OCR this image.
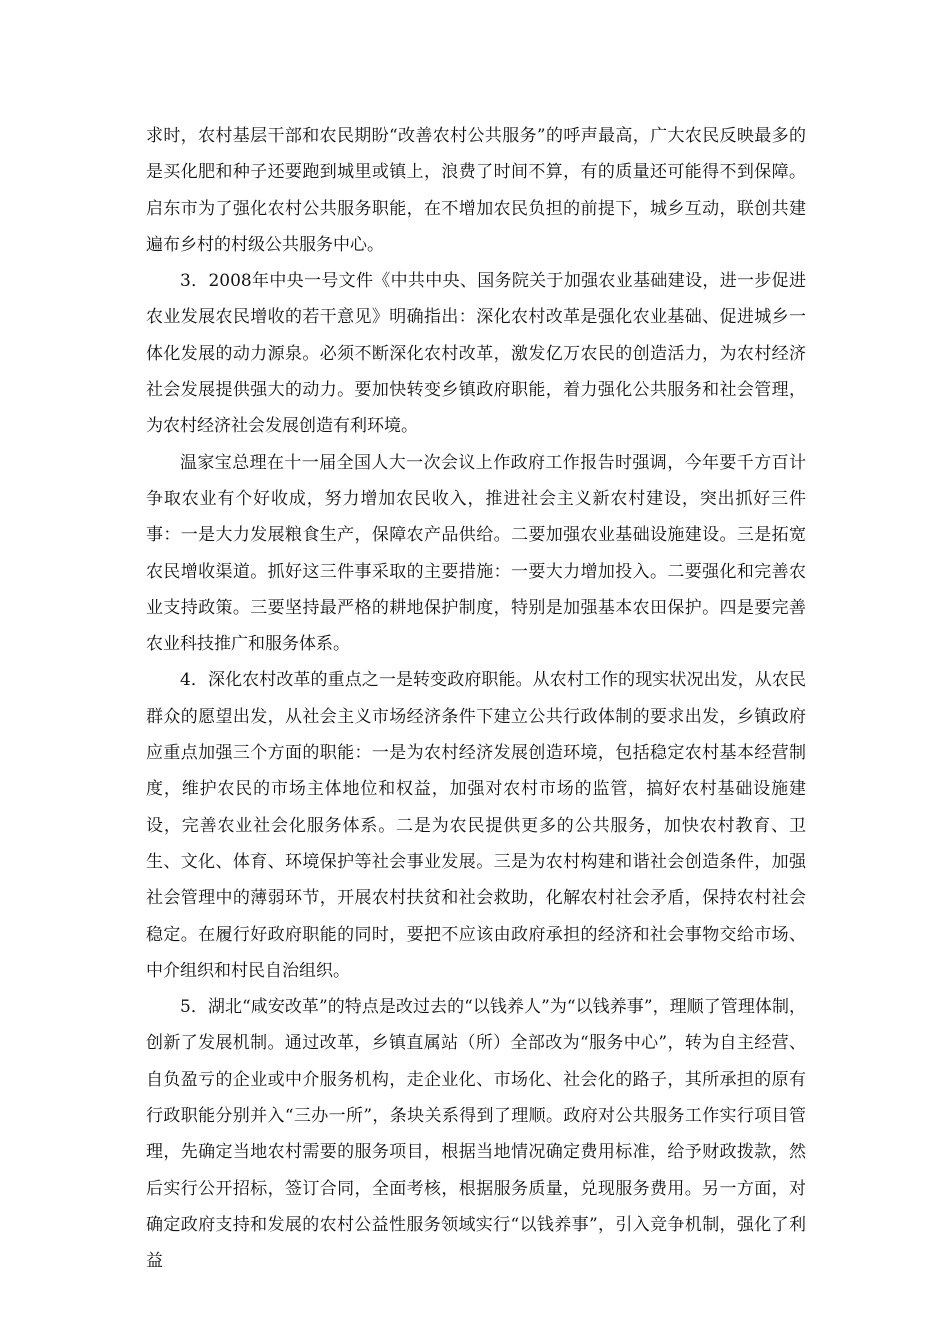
求时，农村基层干部和农民期盼“改善农村公共服务”的呼声最高，广大农民反映最多的是买化肥和种子还要跑到城里或镇上，浪费了时间不算，有的质量还可能得不到保障。启东市为了强化农村公共服务职能，在不增加农民负担的前提下，城乡互动，联创共建遍布乡村的村级公共服务中心。

3．2008年中央一号文件《中共中央、国务院关于加强农业基础建设，进一步促进农业发展农民增收的若干意见》明确指出：深化农村改革是强化农业基础、促进城乡一体化发展的动力源泉。必须不断深化农村改革，激发亿万农民的创造活力，为农村经济社会发展提供强大的动力。要加快转变乡镇政府职能，着力强化公共服务和社会管理，为农村经济社会发展创造有利环境。

温家宝总理在十一届全国人大一次会议上作政府工作报告时强调，今年要千方百计争取农业有个好收成，努力增加农民收入，推进社会主义新农村建设，突出抓好三件事：一是大力发展粮食生产，保障农产品供给。二要加强农业基础设施建设。三是拓宽农民增收渠道。抓好这三件事采取的主要措施：一要大力增加投入。二要强化和完善农业支持政策。三要坚持最严格的耕地保护制度，特别是加强基本农田保护。四是要完善农业科技推广和服务体系。

4．深化农村改革的重点之一是转变政府职能。从农村工作的现实状况出发，从农民群众的愿望出发，从社会主义市场经济条件下建立公共行政体制的要求出发，乡镇政府应重点加强三个方面的职能：一是为农村经济发展创造环境，包括稳定农村基本经营制度，维护农民的市场主体地位和权益，加强对农村市场的监管，搞好农村基础设施建设，完善农业社会化服务体系。二是为农民提供更多的公共服务，加快农村教育、卫生、文化、体育、环境保护等社会事业发展。三是为农村构建和谐社会创造条件，加强社会管理中的薄弱环节，开展农村扶贫和社会救助，化解农村社会矛盾，保持农村社会稳定。在履行好政府职能的同时，要把不应该由政府承担的经济和社会事物交给市场、中介组织和村民自治组织。

5．湖北“咸安改革”的特点是改过去的“以钱养人”为“以钱养事”，理顺了管理体制，创新了发展机制。通过改革，乡镇直属站（所）全部改为“服务中心”，转为自主经营、自负盈亏的企业或中介服务机构，走企业化、市场化、社会化的路子，其所承担的原有行政职能分别并入“三办一所”，条块关系得到了理顺。政府对公共服务工作实行项目管理，先确定当地农村需要的服务项目，根据当地情况确定费用标准，给予财政拨款，然后实行公开招标，签订合同，全面考核，根据服务质量，兑现服务费用。另一方面，对确定政府支持和发展的农村公益性服务领域实行“以钱养事”，引入竞争机制，强化了利益
